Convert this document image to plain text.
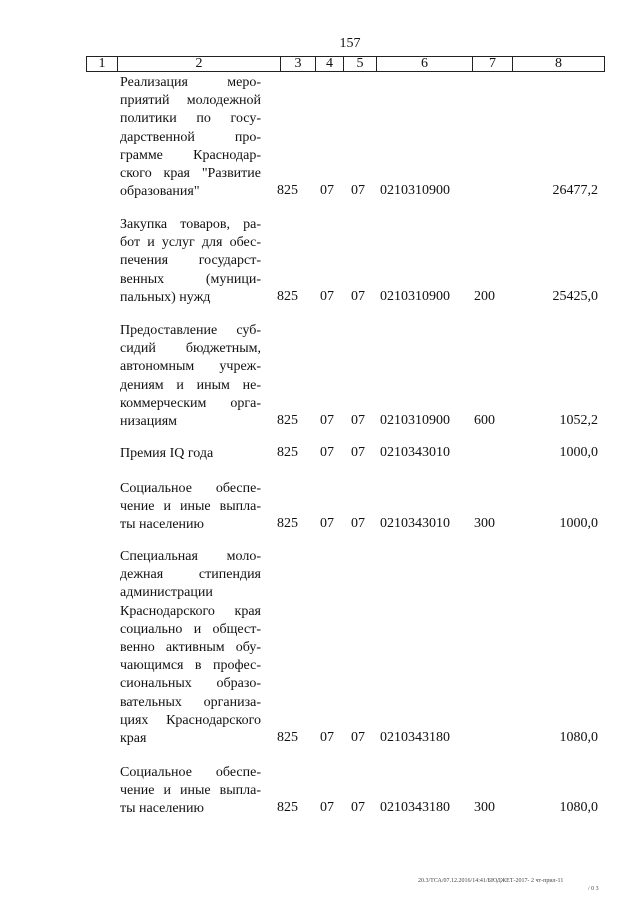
157
1	2	3	4	5	6	7	8
Реализация меро-
приятий молодежной
политики по госу-
дарственной про-
грамме Краснодар-
ского края "Развитие
образования"	825 07 07 0210310900	26477,2
Закупка товаров, ра-
бот и услуг для обес-
печения государст-
венных (муници-
пальных) нужд	825 07 07 0210310900 200	25425,0
Предоставление суб-
сидий бюджетным,
автономным учреж-
дениям и иным не-
коммерческим орга-
низациям	825 07 07 0210310900 600	1052,2
Премия IQ года	825 07 07 0210343010	1000,0
Социальное обеспе-
чение и иные выпла-
ты населению	825 07 07 0210343010 300	1000,0
Специальная моло-
дежная стипендия
администрации
Краснодарского края
социально и общест-
венно активным обу-
чающимся в профес-
сиональных образо-
вательных организа-
циях Краснодарского
края	825 07 07 0210343180	1080,0
Социальное обеспе-
чение и иные выпла-
ты населению	825 07 07 0210343180 300	1080,0
20.3/ТСА/07.12.2016/14:41/БЮДЖЕТ-2017- 2 чт-прил-11
/ 0 3
